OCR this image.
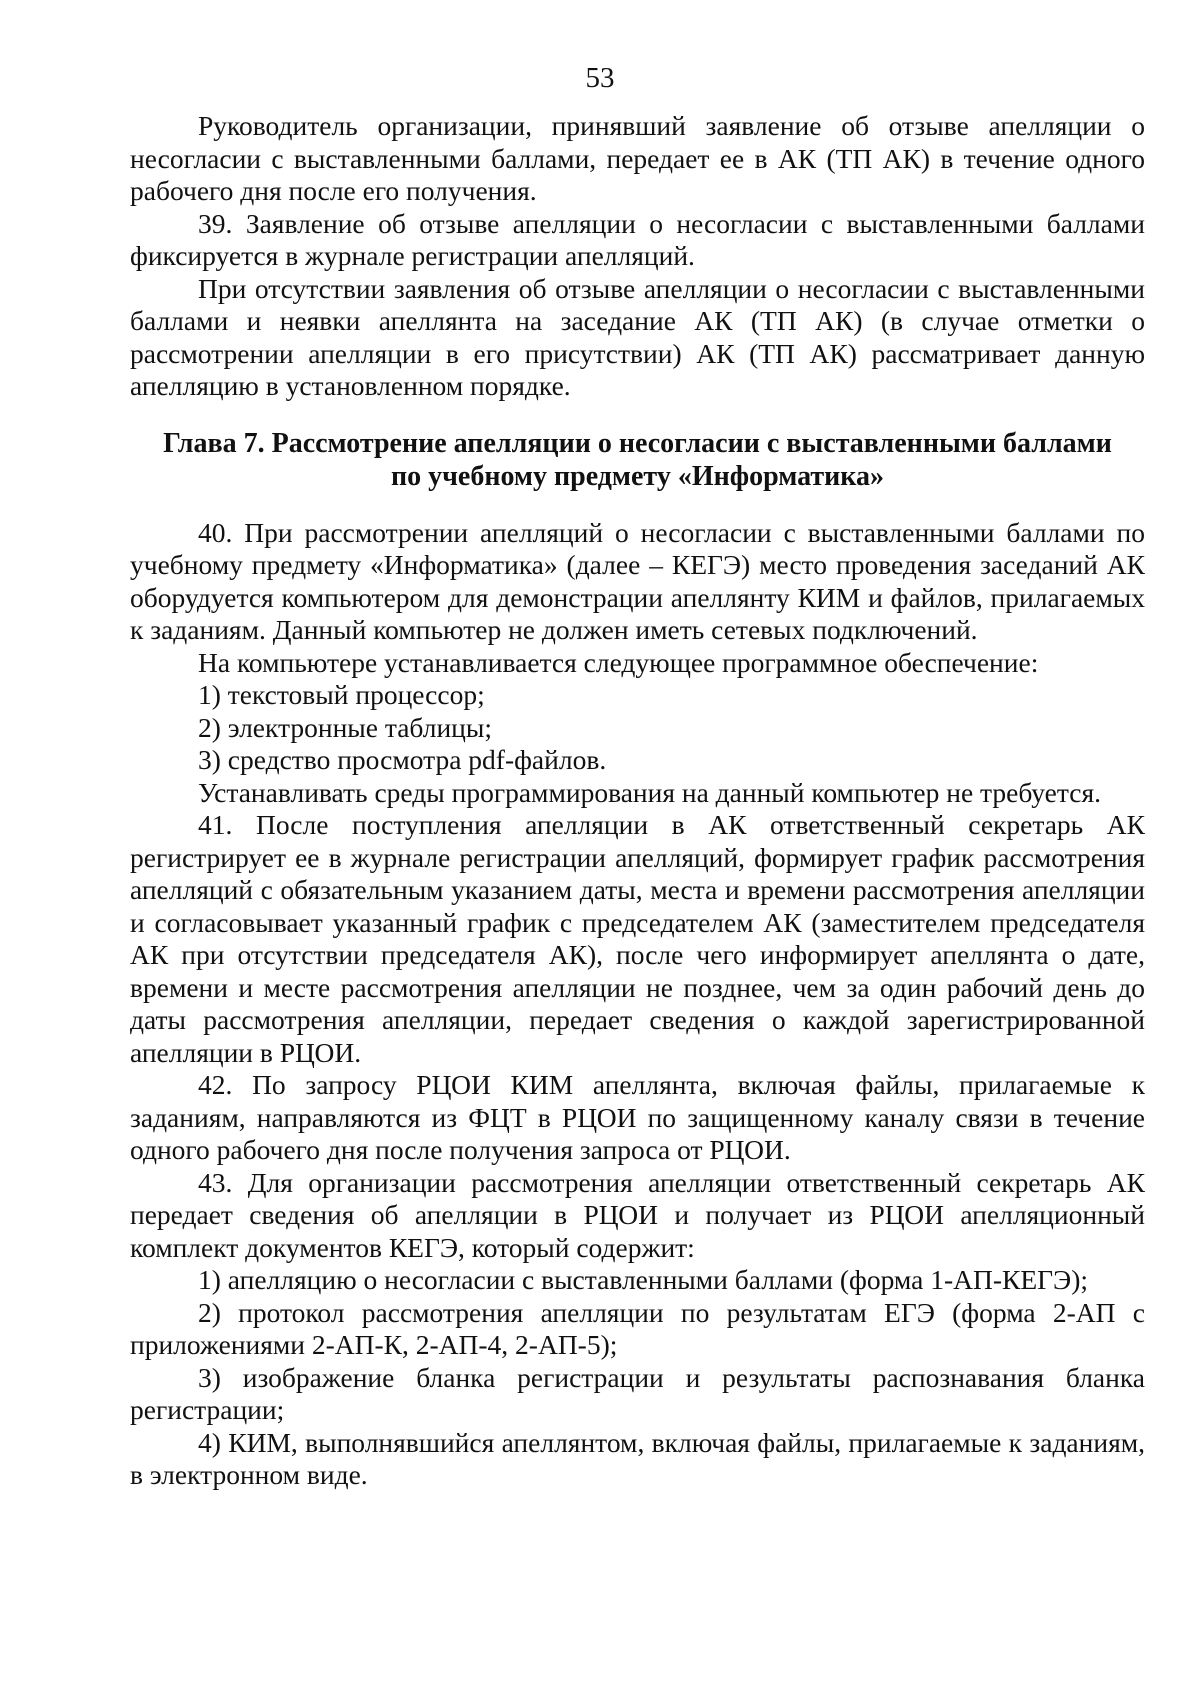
53

Руководитель организации, принявший заявление об отзыве апелляции о несогласии с выставленными баллами, передает ее в АК (ТП АК) в течение одного рабочего дня после его получения.

39. Заявление об отзыве апелляции о несогласии с выставленными баллами фиксируется в журнале регистрации апелляций.

При отсутствии заявления об отзыве апелляции о несогласии с выставленными баллами и неявки апеллянта на заседание АК (ТП АК) (в случае отметки о рассмотрении апелляции в его присутствии) АК (ТП АК) рассматривает данную апелляцию в установленном порядке.

Глава 7. Рассмотрение апелляции о несогласии с выставленными баллами
по учебному предмету «Информатика»

40. При рассмотрении апелляций о несогласии с выставленными баллами по учебному предмету «Информатика» (далее – КЕГЭ) место проведения заседаний АК оборудуется компьютером для демонстрации апеллянту КИМ и файлов, прилагаемых к заданиям. Данный компьютер не должен иметь сетевых подключений.

На компьютере устанавливается следующее программное обеспечение:

1) текстовый процессор;

2) электронные таблицы;

3) средство просмотра pdf-файлов.

Устанавливать среды программирования на данный компьютер не требуется.

41. После поступления апелляции в АК ответственный секретарь АК регистрирует ее в журнале регистрации апелляций, формирует график рассмотрения апелляций с обязательным указанием даты, места и времени рассмотрения апелляции и согласовывает указанный график с председателем АК (заместителем председателя АК при отсутствии председателя АК), после чего информирует апеллянта о дате, времени и месте рассмотрения апелляции не позднее, чем за один рабочий день до даты рассмотрения апелляции, передает сведения о каждой зарегистрированной апелляции в РЦОИ.

42. По запросу РЦОИ КИМ апеллянта, включая файлы, прилагаемые к заданиям, направляются из ФЦТ в РЦОИ по защищенному каналу связи в течение одного рабочего дня после получения запроса от РЦОИ.

43. Для организации рассмотрения апелляции ответственный секретарь АК передает сведения об апелляции в РЦОИ и получает из РЦОИ апелляционный комплект документов КЕГЭ, который содержит:

1) апелляцию о несогласии с выставленными баллами (форма 1-АП-КЕГЭ);

2) протокол рассмотрения апелляции по результатам ЕГЭ (форма 2-АП с приложениями 2-АП-К, 2-АП-4, 2-АП-5);

3) изображение бланка регистрации и результаты распознавания бланка регистрации;

4) КИМ, выполнявшийся апеллянтом, включая файлы, прилагаемые к заданиям, в электронном виде.
